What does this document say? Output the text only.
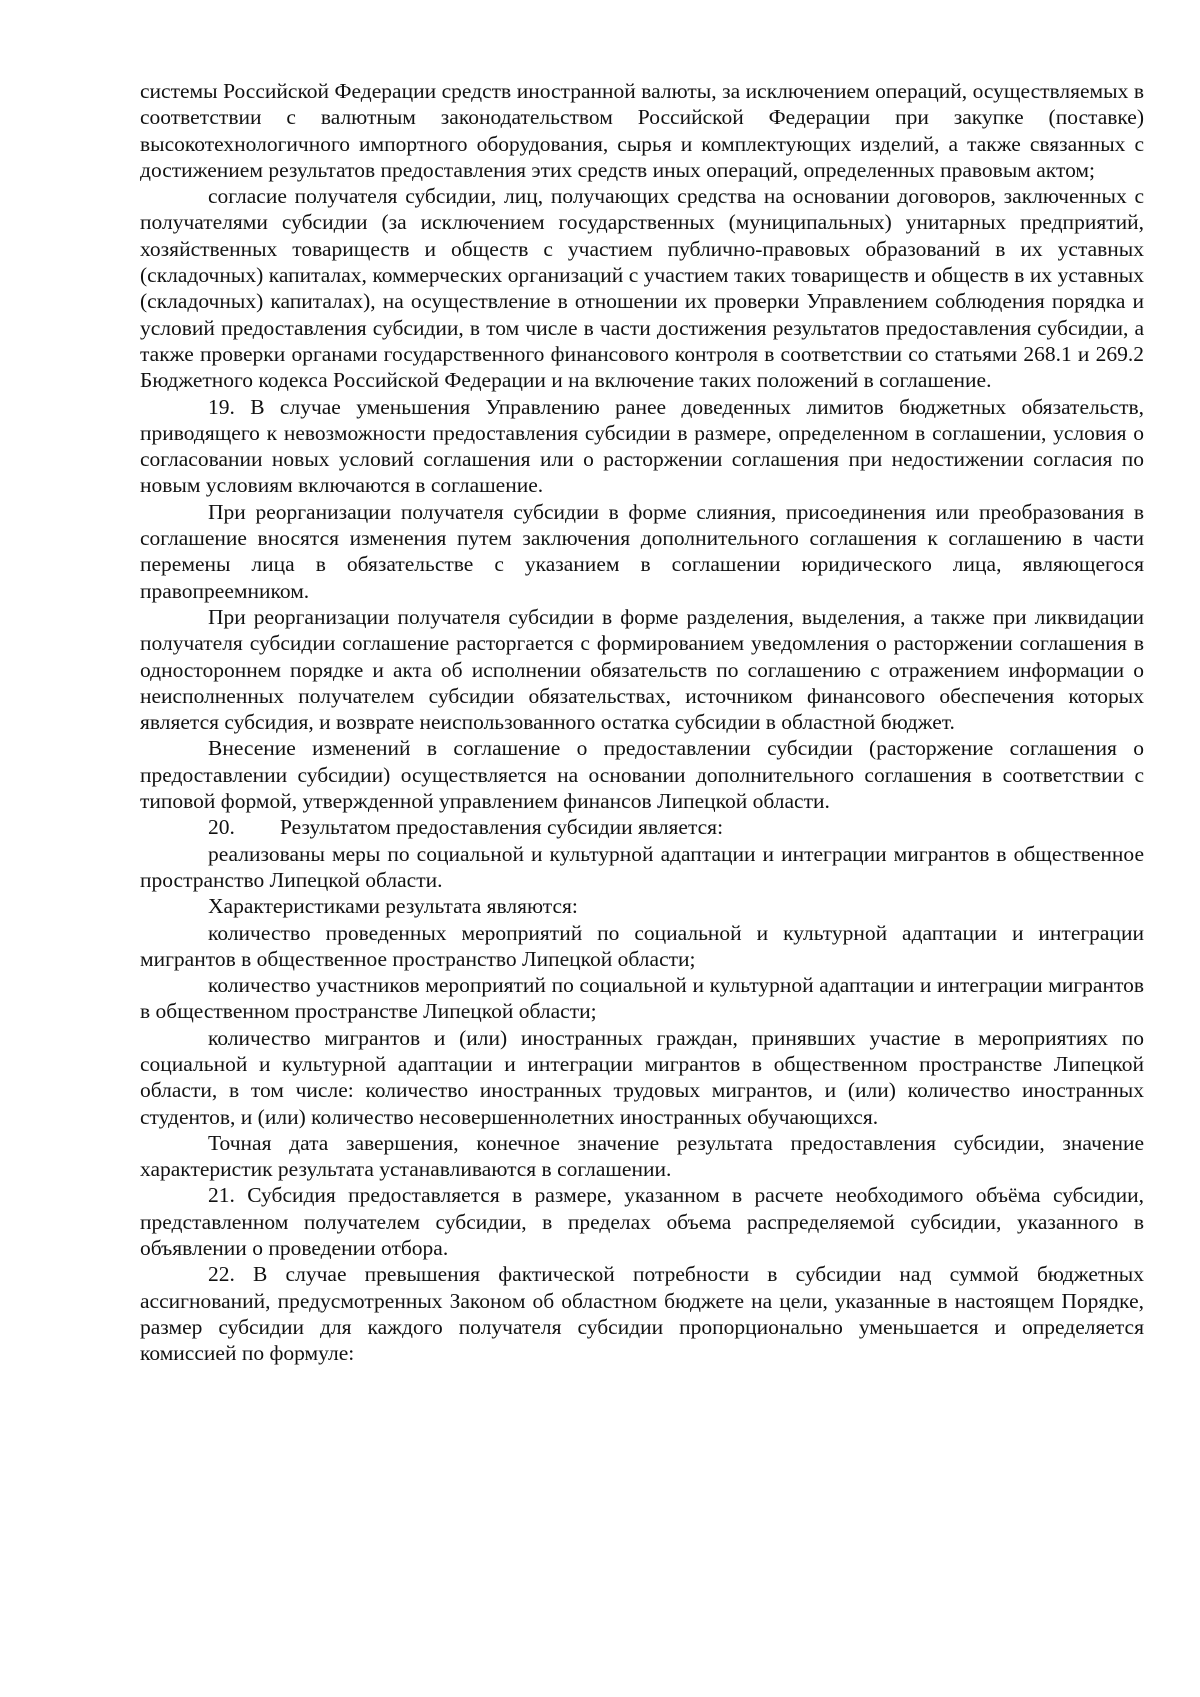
системы Российской Федерации средств иностранной валюты, за исключением операций, осуществляемых в соответствии с валютным законодательством Российской Федерации при закупке (поставке) высокотехнологичного импортного оборудования, сырья и комплектующих изделий, а также связанных с достижением результатов предоставления этих средств иных операций, определенных правовым актом;

согласие получателя субсидии, лиц, получающих средства на основании договоров, заключенных с получателями субсидии (за исключением государственных (муниципальных) унитарных предприятий, хозяйственных товариществ и обществ с участием публично-правовых образований в их уставных (складочных) капиталах, коммерческих организаций с участием таких товариществ и обществ в их уставных (складочных) капиталах), на осуществление в отношении их проверки Управлением соблюдения порядка и условий предоставления субсидии, в том числе в части достижения результатов предоставления субсидии, а также проверки органами государственного финансового контроля в соответствии со статьями 268.1 и 269.2 Бюджетного кодекса Российской Федерации и на включение таких положений в соглашение.

19. В случае уменьшения Управлению ранее доведенных лимитов бюджетных обязательств, приводящего к невозможности предоставления субсидии в размере, определенном в соглашении, условия о согласовании новых условий соглашения или о расторжении соглашения при недостижении согласия по новым условиям включаются в соглашение.

При реорганизации получателя субсидии в форме слияния, присоединения или преобразования в соглашение вносятся изменения путем заключения дополнительного соглашения к соглашению в части перемены лица в обязательстве с указанием в соглашении юридического лица, являющегося правопреемником.

При реорганизации получателя субсидии в форме разделения, выделения, а также при ликвидации получателя субсидии соглашение расторгается с формированием уведомления о расторжении соглашения в одностороннем порядке и акта об исполнении обязательств по соглашению с отражением информации о неисполненных получателем субсидии обязательствах, источником финансового обеспечения которых является субсидия, и возврате неиспользованного остатка субсидии в областной бюджет.

Внесение изменений в соглашение о предоставлении субсидии (расторжение соглашения о предоставлении субсидии) осуществляется на основании дополнительного соглашения в соответствии с типовой формой, утвержденной управлением финансов Липецкой области.

20. Результатом предоставления субсидии является:

реализованы меры по социальной и культурной адаптации и интеграции мигрантов в общественное пространство Липецкой области.

Характеристиками результата являются:

количество проведенных мероприятий по социальной и культурной адаптации и интеграции мигрантов в общественное пространство Липецкой области;

количество участников мероприятий по социальной и культурной адаптации и интеграции мигрантов в общественном пространстве Липецкой области;

количество мигрантов и (или) иностранных граждан, принявших участие в мероприятиях по социальной и культурной адаптации и интеграции мигрантов в общественном пространстве Липецкой области, в том числе: количество иностранных трудовых мигрантов, и (или) количество иностранных студентов, и (или) количество несовершеннолетних иностранных обучающихся.

Точная дата завершения, конечное значение результата предоставления субсидии, значение характеристик результата устанавливаются в соглашении.

21. Субсидия предоставляется в размере, указанном в расчете необходимого объёма субсидии, представленном получателем субсидии, в пределах объема распределяемой субсидии, указанного в объявлении о проведении отбора.

22. В случае превышения фактической потребности в субсидии над суммой бюджетных ассигнований, предусмотренных Законом об областном бюджете на цели, указанные в настоящем Порядке, размер субсидии для каждого получателя субсидии пропорционально уменьшается и определяется комиссией по формуле:
